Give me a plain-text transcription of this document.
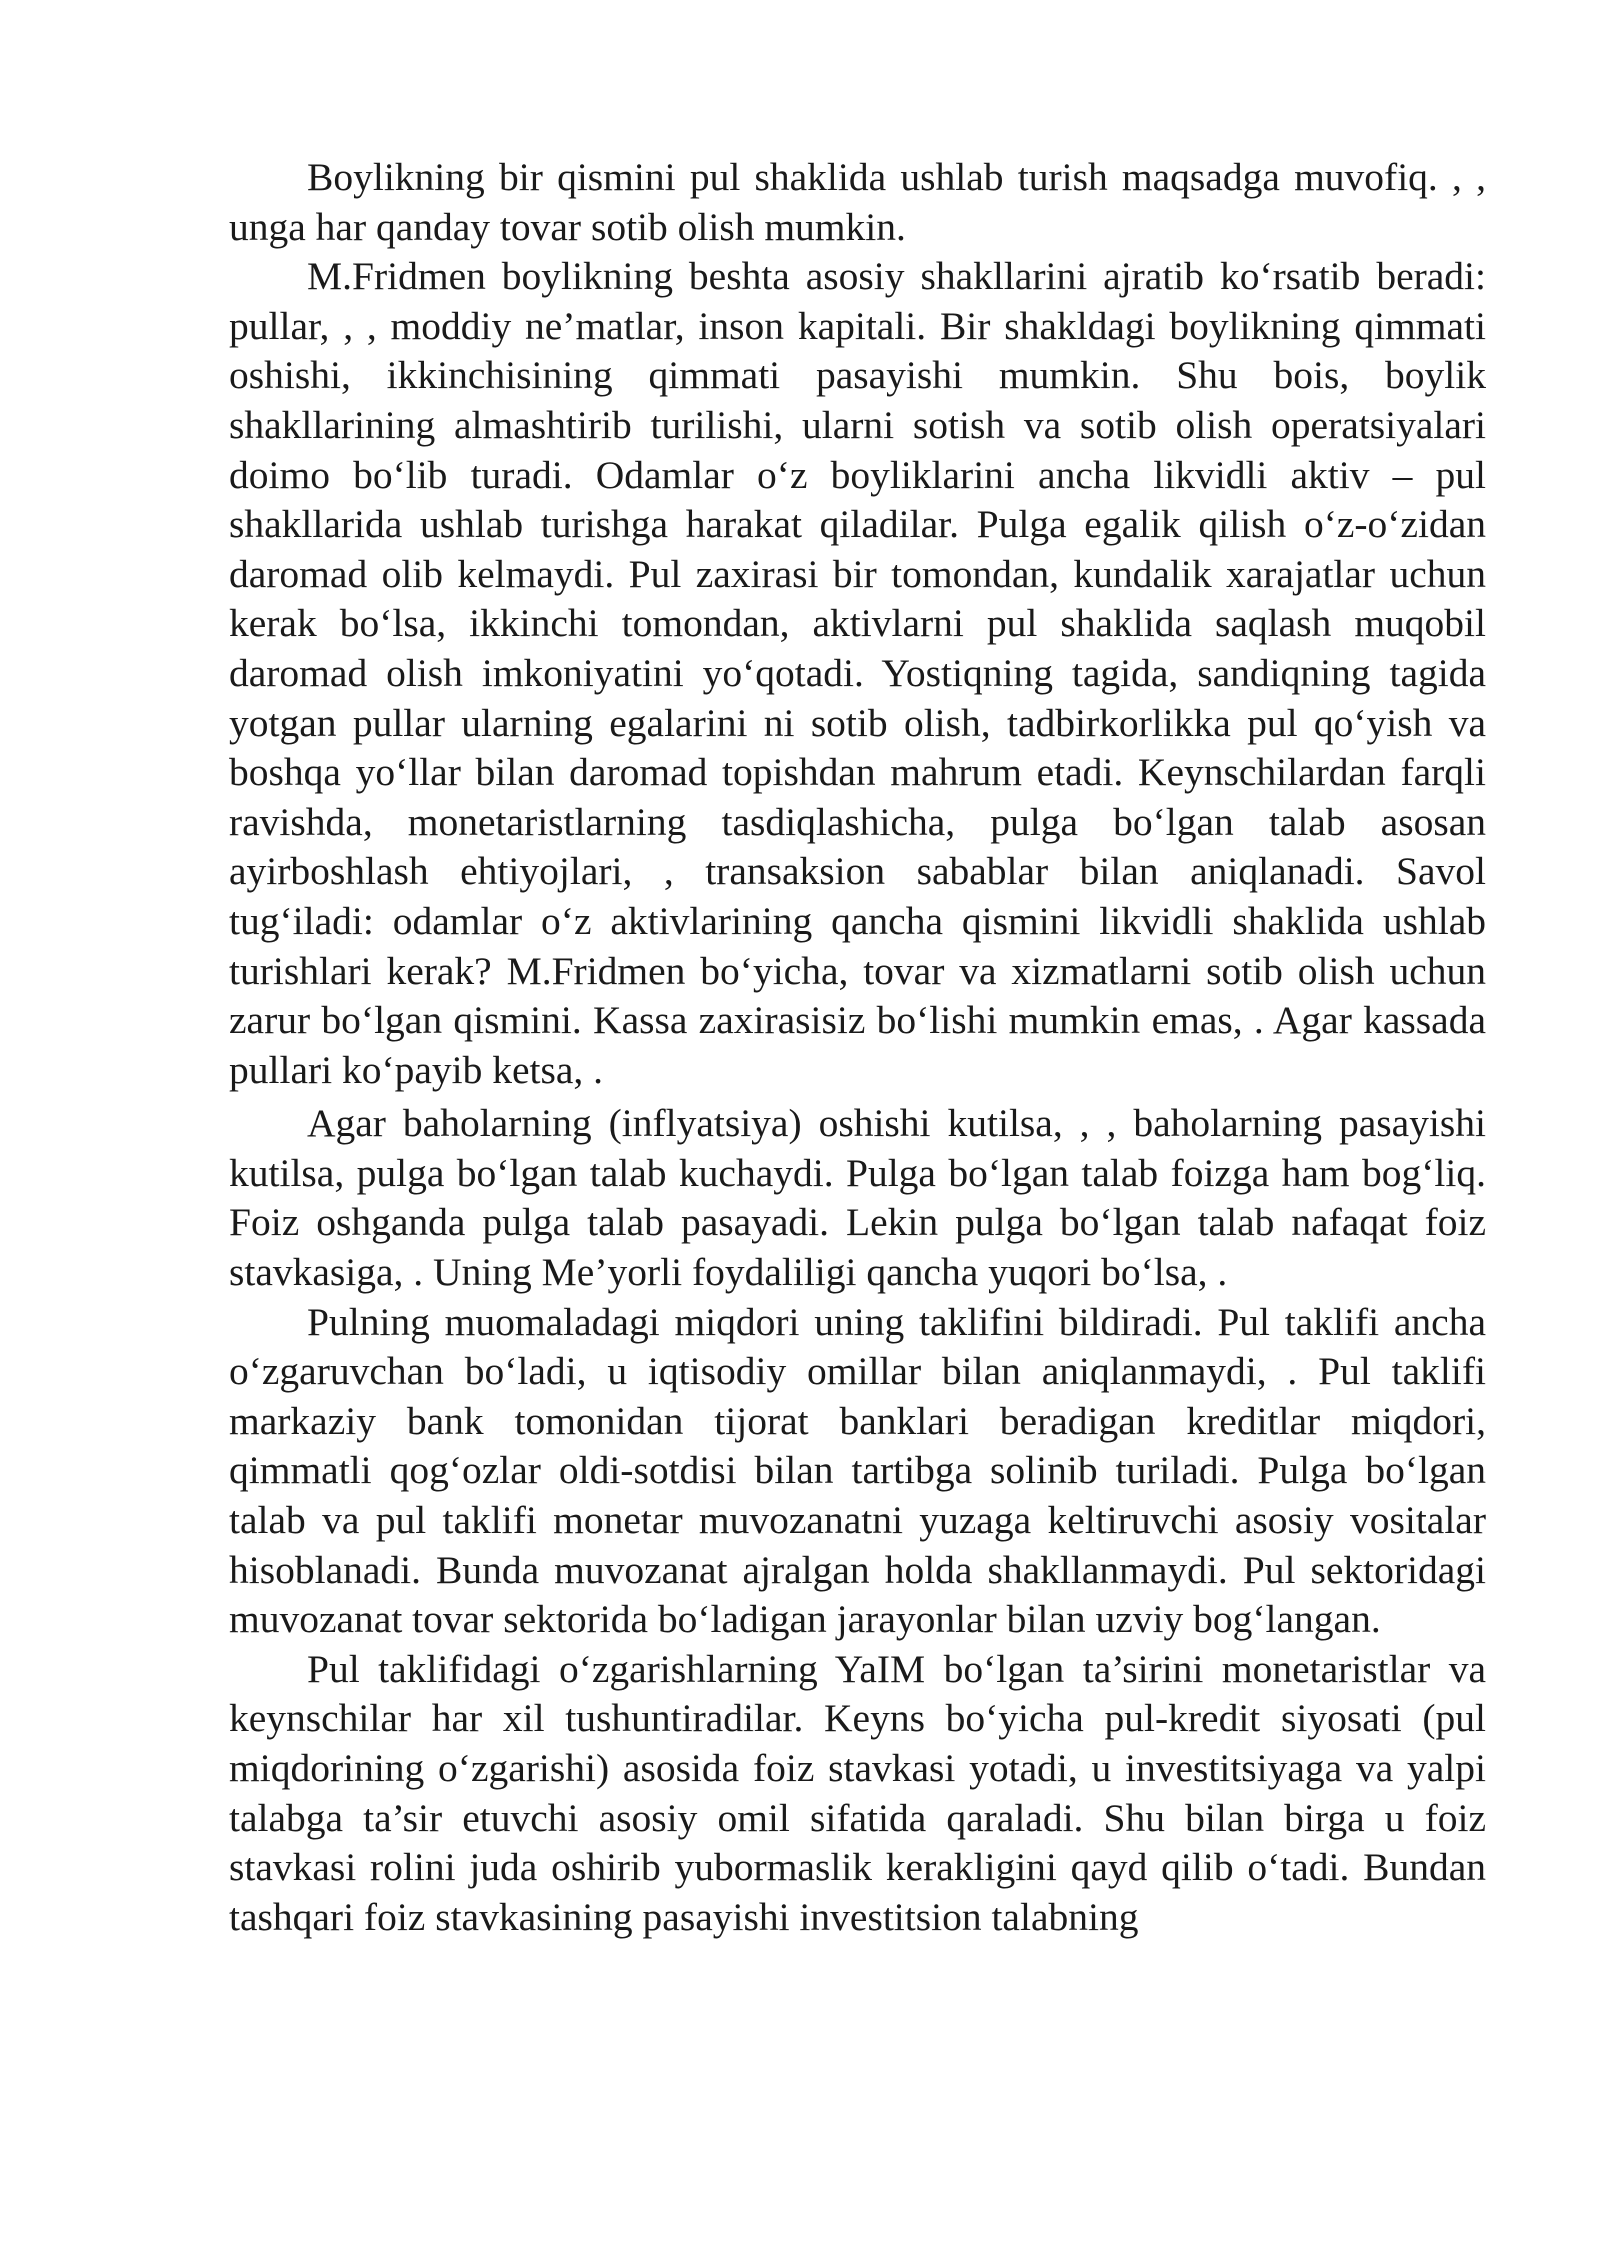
Boylikning bir qismini pul shaklida ushlab turish maqsadga muvofiq. , , unga har qanday tovar sotib olish mumkin.

M.Fridmen boylikning beshta asosiy shakllarini ajratib ko‘rsatib beradi: pullar, , , moddiy ne’matlar, inson kapitali. Bir shakldagi boylikning qimmati oshishi, ikkinchisining qimmati pasayishi mumkin. Shu bois, boylik shakllarining almashtirib turilishi, ularni sotish va sotib olish operatsiyalari doimo bo‘lib turadi. Odamlar o‘z boyliklarini ancha likvidli aktiv – pul shakllarida ushlab turishga harakat qiladilar. Pulga egalik qilish o‘z-o‘zidan daromad olib kelmaydi. Pul zaxirasi bir tomondan, kundalik xarajatlar uchun kerak bo‘lsa, ikkinchi tomondan, aktivlarni pul shaklida saqlash muqobil daromad olish imkoniyatini yo‘qotadi. Yostiqning tagida, sandiqning tagida yotgan pullar ularning egalarini ni sotib olish, tadbirkorlikka pul qo‘yish va boshqa yo‘llar bilan daromad topishdan mahrum etadi. Keynschilardan farqli ravishda, monetaristlarning tasdiqlashicha, pulga bo‘lgan talab asosan ayirboshlash ehtiyojlari, , transaksion sabablar bilan aniqlanadi. Savol tug‘iladi: odamlar o‘z aktivlarining qancha qismini likvidli shaklida ushlab turishlari kerak? M.Fridmen bo‘yicha, tovar va xizmatlarni sotib olish uchun zarur bo‘lgan qismini. Kassa zaxirasisiz bo‘lishi mumkin emas, . Agar kassada pullari ko‘payib ketsa, .

Agar baholarning (inflyatsiya) oshishi kutilsa, , , baholarning pasayishi kutilsa, pulga bo‘lgan talab kuchaydi. Pulga bo‘lgan talab foizga ham bog‘liq. Foiz oshganda pulga talab pasayadi. Lekin pulga bo‘lgan talab nafaqat foiz stavkasiga, . Uning Me’yorli foydaliligi qancha yuqori bo‘lsa, .

Pulning muomaladagi miqdori uning taklifini bildiradi. Pul taklifi ancha o‘zgaruvchan bo‘ladi, u iqtisodiy omillar bilan aniqlanmaydi, . Pul taklifi markaziy bank tomonidan tijorat banklari beradigan kreditlar miqdori, qimmatli qog‘ozlar oldi-sotdisi bilan tartibga solinib turiladi. Pulga bo‘lgan talab va pul taklifi monetar muvozanatni yuzaga keltiruvchi asosiy vositalar hisoblanadi. Bunda muvozanat ajralgan holda shakllanmaydi. Pul sektoridagi muvozanat tovar sektorida bo‘ladigan jarayonlar bilan uzviy bog‘langan.

Pul taklifidagi o‘zgarishlarning YaIM bo‘lgan ta’sirini monetaristlar va keynschilar har xil tushuntiradilar. Keyns bo‘yicha pul-kredit siyosati (pul miqdorining o‘zgarishi) asosida foiz stavkasi yotadi, u investitsiyaga va yalpi talabga ta’sir etuvchi asosiy omil sifatida qaraladi. Shu bilan birga u foiz stavkasi rolini juda oshirib yubormaslik kerakligini qayd qilib o‘tadi. Bundan tashqari foiz stavkasining pasayishi investitsion talabning
